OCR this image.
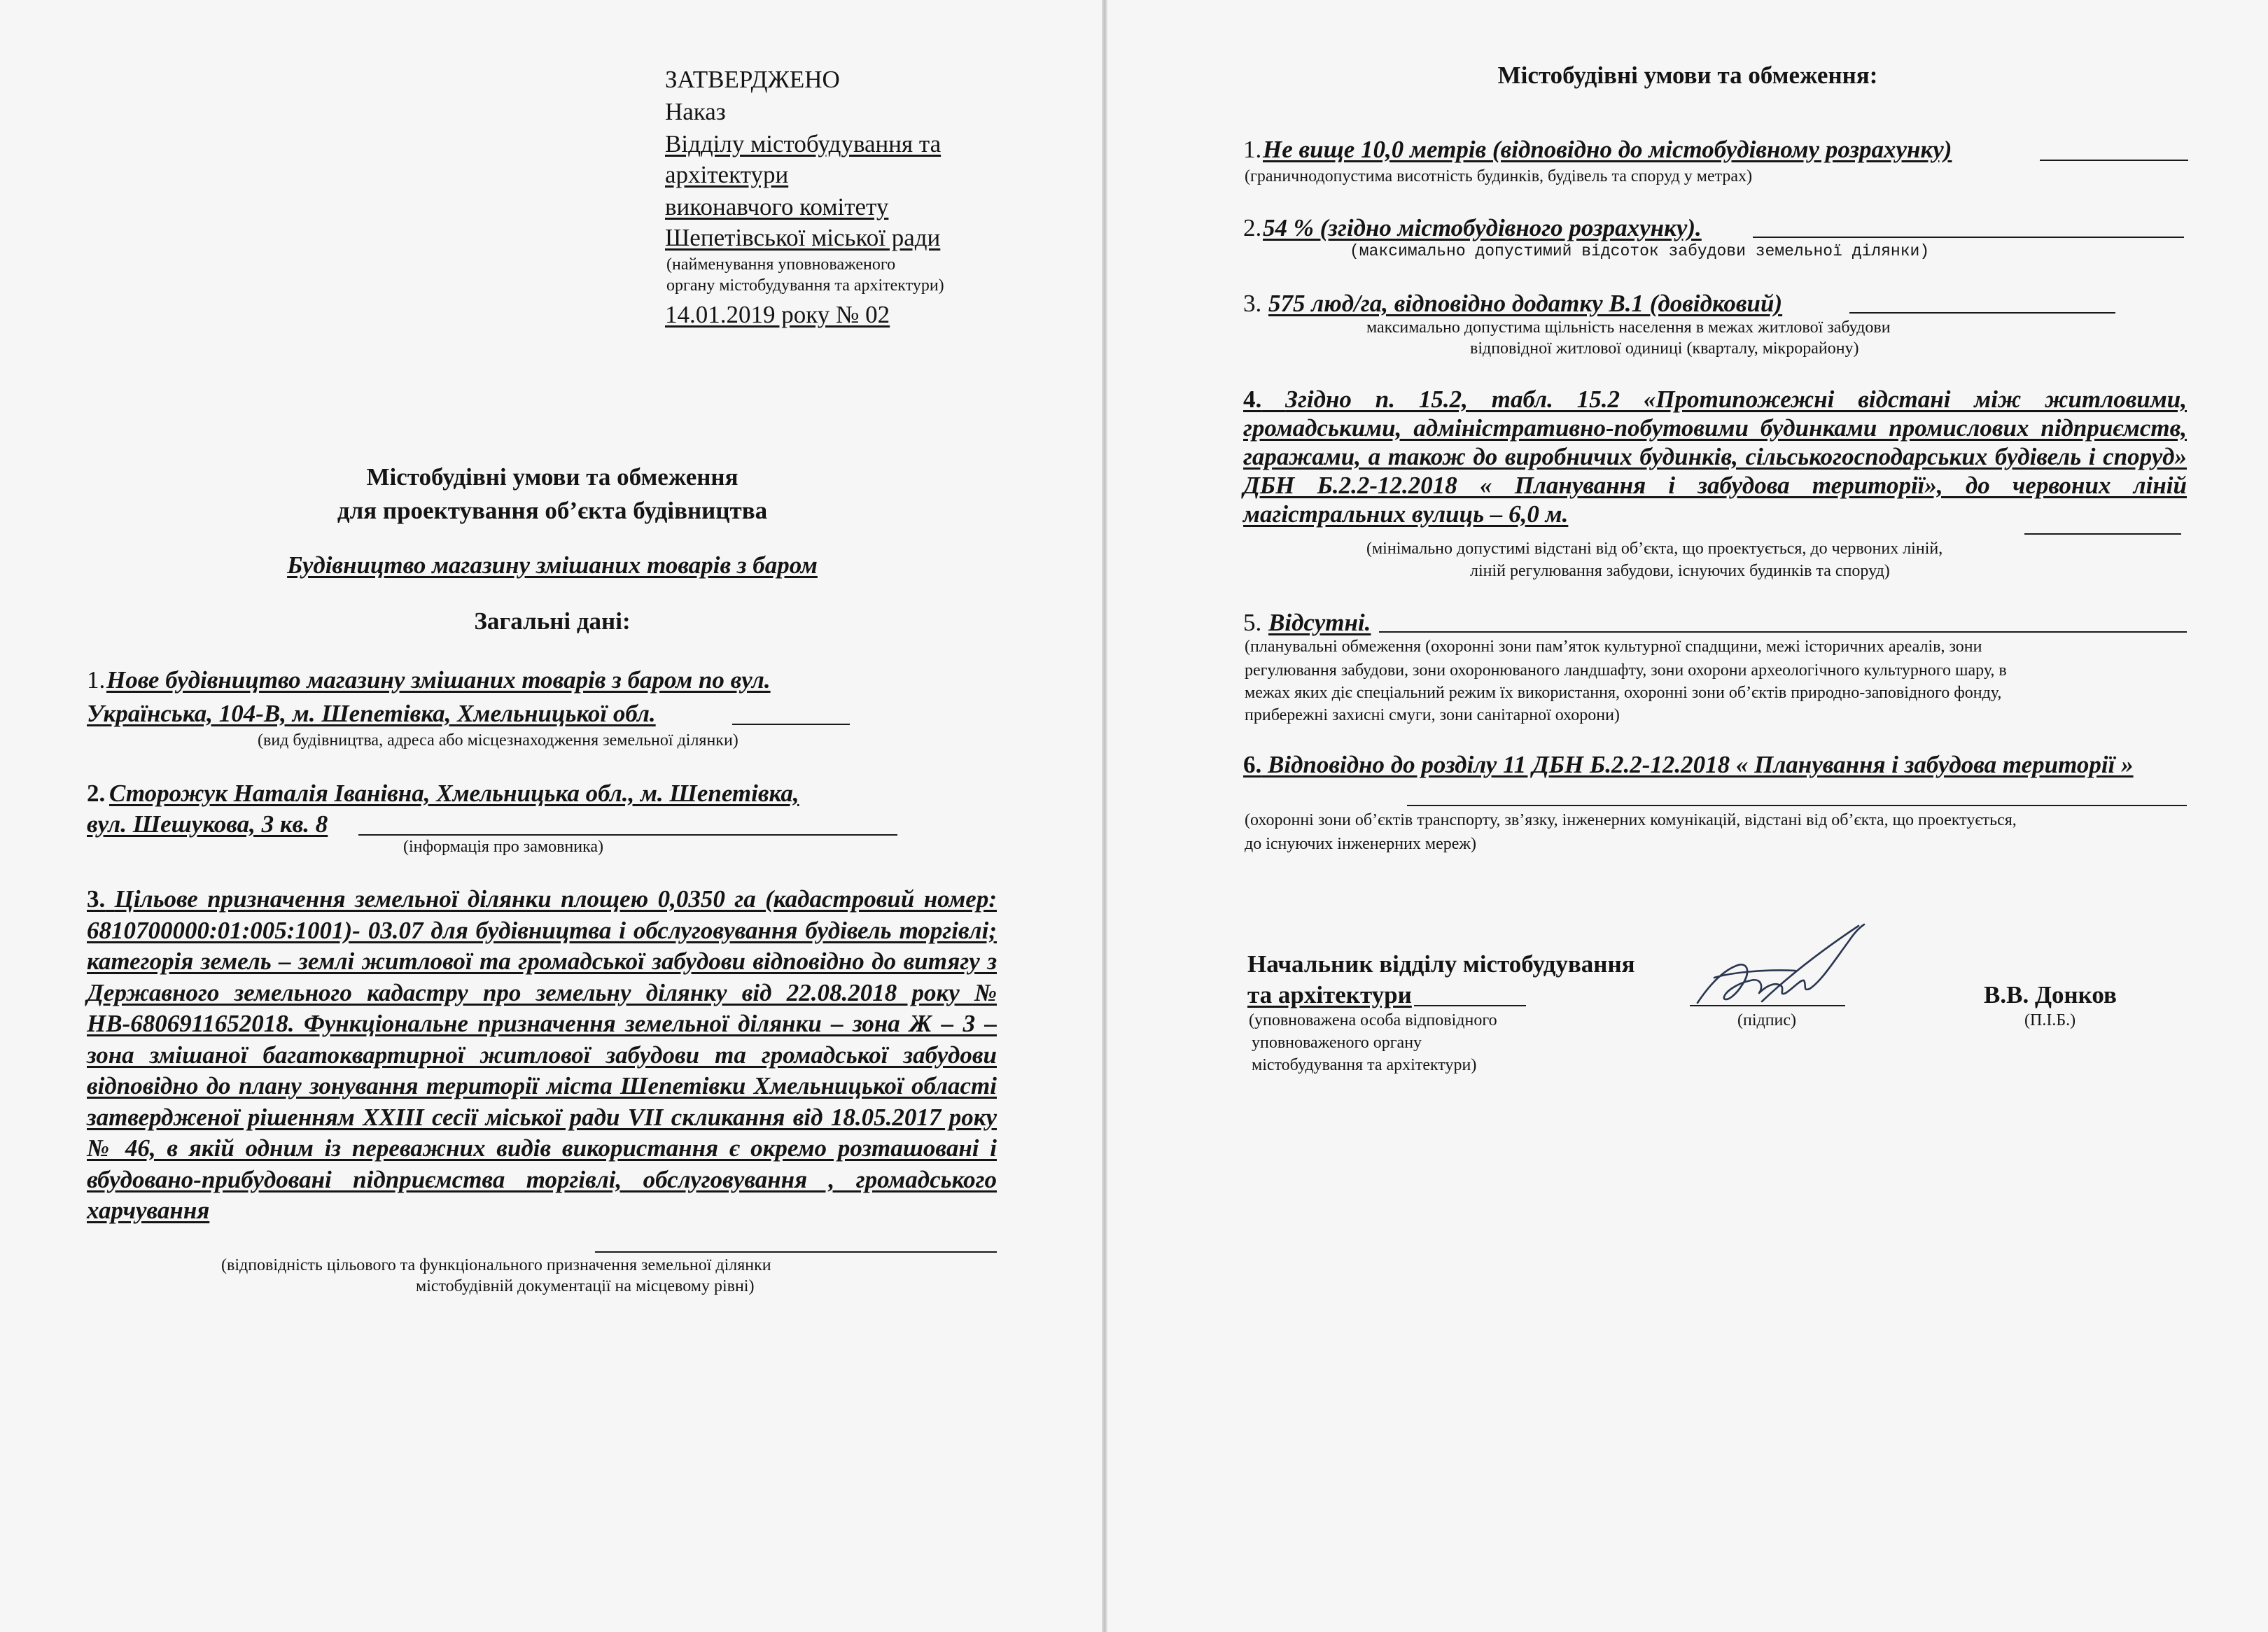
ЗАТВЕРДЖЕНО

Наказ

Відділу містобудування та

архітектури

виконавчого комітету

Шепетівської міської ради

(найменування уповноваженого

органу містобудування та архітектури)

14.01.2019 року № 02

Містобудівні умови та обмеження

для проектування об’єкта будівництва

Будівництво магазину змішаних товарів з баром

Загальні дані:

1. Нове будівництво магазину змішаних товарів з баром по вул.

Українська, 104-В, м. Шепетівка, Хмельницької обл.

(вид будівництва, адреса або місцезнаходження земельної ділянки)

2. Сторожук Наталія Іванівна, Хмельницька обл., м. Шепетівка,

вул. Шешукова, 3 кв. 8

(інформація про замовника)

3. Цільове призначення земельної ділянки площею 0,0350 га (кадастровий номер: 6810700000:01:005:1001)- 03.07 для будівництва і обслуговування будівель торгівлі; категорія земель – землі житлової та громадської забудови відповідно до витягу з Державного земельного кадастру про земельну ділянку від 22.08.2018 року № НВ-6806911652018. Функціональне призначення земельної ділянки – зона Ж – 3 – зона змішаної багатоквартирної житлової забудови та громадської забудови відповідно до плану зонування території міста Шепетівки Хмельницької області затвердженої рішенням XXIII сесії міської ради VII скликання від 18.05.2017 року № 46, в якій одним із переважних видів використання є окремо розташовані і вбудовано-прибудовані підприємства торгівлі, обслуговування , громадського харчування

(відповідність цільового та функціонального призначення земельної ділянки

містобудівній документації на місцевому рівні)

Містобудівні умови та обмеження:

1. Не вище 10,0 метрів (відповідно до містобудівному розрахунку)

(граничнодопустима висотність будинків, будівель та споруд у метрах)

2. 54 % (згідно містобудівного розрахунку).

(максимально допустимий відсоток забудови земельної ділянки)

3. 575 люд/га, відповідно додатку В.1 (довідковий)

максимально допустима щільність населення в межах житлової забудови

відповідної житлової одиниці (кварталу, мікрорайону)

4. Згідно п. 15.2, табл. 15.2 «Протипожежні відстані між житловими, громадськими, адміністративно-побутовими будинками промислових підприємств, гаражами, а також до виробничих будинків, сільськогосподарських будівель і споруд» ДБН Б.2.2-12.2018 « Планування і забудова території», до червоних ліній магістральних вулиць – 6,0 м.

(мінімально допустимі відстані від об’єкта, що проектується, до червоних ліній,

ліній регулювання забудови, існуючих будинків та споруд)

5. Відсутні.

(планувальні обмеження (охоронні зони пам’яток культурної спадщини, межі історичних ареалів, зони

регулювання забудови, зони охоронюваного ландшафту, зони охорони археологічного культурного шару, в

межах яких діє спеціальний режим їх використання, охоронні зони об’єктів природно-заповідного фонду,

прибережні захисні смуги, зони санітарної охорони)

6. Відповідно до розділу 11 ДБН Б.2.2-12.2018 « Планування і забудова території »

(охоронні зони об’єктів транспорту, зв’язку, інженерних комунікацій, відстані від об’єкта, що проектується,

до існуючих інженерних мереж)

Начальник відділу містобудування

та архітектури

(уповноважена особа відповідного

уповноваженого органу

містобудування та архітектури)

(підпис)

В.В. Донков

(П.І.Б.)
